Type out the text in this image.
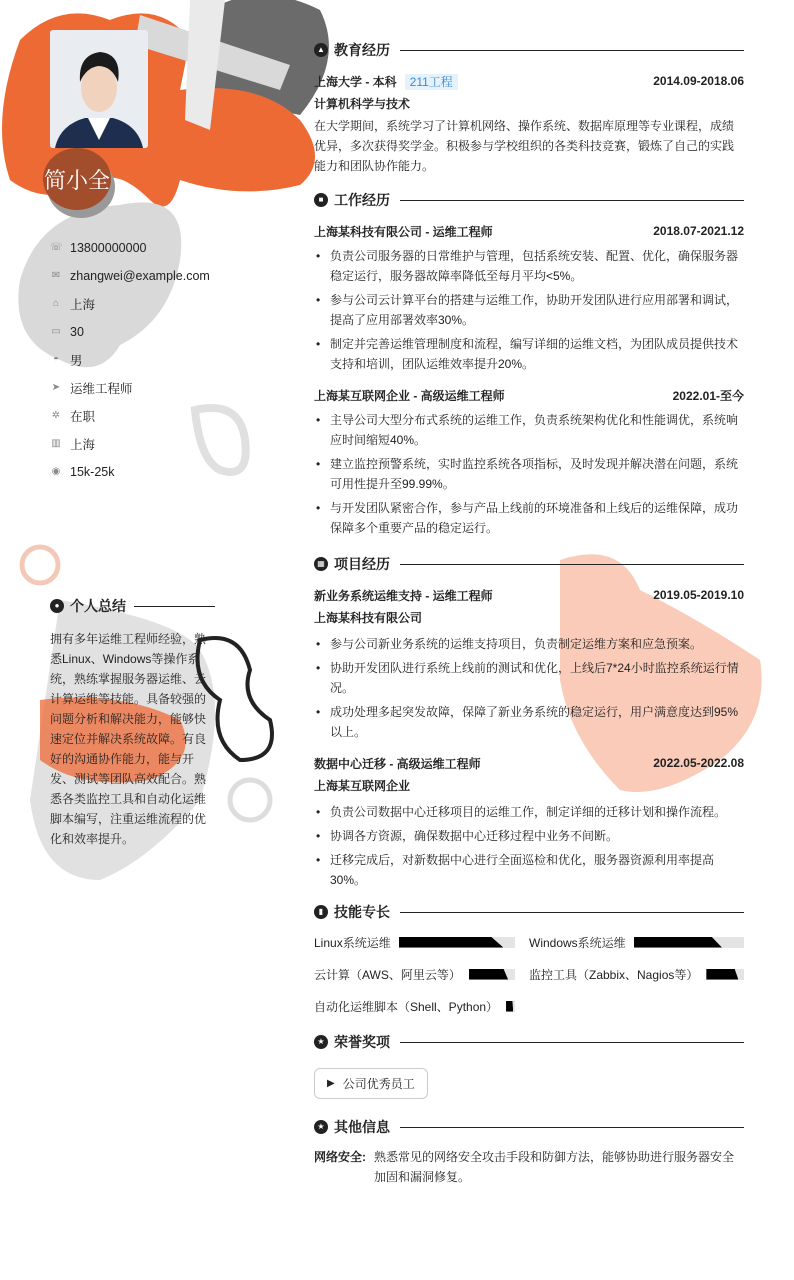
简小全
☏ 13800000000
✉ zhangwei@example.com
⌂ 上海
▭ 30
◓ 男
➤ 运维工程师
✲ 在职
▥ 上海
◉ 15k-25k
● 个人总结
拥有多年运维工程师经验，熟悉Linux、Windows等操作系统，熟练掌握服务器运维、云计算运维等技能。具备较强的问题分析和解决能力，能够快速定位并解决系统故障。有良好的沟通协作能力，能与开发、测试等团队高效配合。熟悉各类监控工具和自动化运维脚本编写，注重运维流程的优化和效率提升。
▲ 教育经历
上海大学 - 本科 211工程	2014.09-2018.06
计算机科学与技术
在大学期间，系统学习了计算机网络、操作系统、数据库原理等专业课程，成绩优异，多次获得奖学金。积极参与学校组织的各类科技竞赛，锻炼了自己的实践能力和团队协作能力。
■ 工作经历
上海某科技有限公司 - 运维工程师	2018.07-2021.12
• 负责公司服务器的日常维护与管理，包括系统安装、配置、优化，确保服务器稳定运行，服务器故障率降低至每月平均<5%。
• 参与公司云计算平台的搭建与运维工作，协助开发团队进行应用部署和调试，提高了应用部署效率30%。
• 制定并完善运维管理制度和流程，编写详细的运维文档，为团队成员提供技术支持和培训，团队运维效率提升20%。
上海某互联网企业 - 高级运维工程师	2022.01-至今
• 主导公司大型分布式系统的运维工作，负责系统架构优化和性能调优，系统响应时间缩短40%。
• 建立监控预警系统，实时监控系统各项指标，及时发现并解决潜在问题，系统可用性提升至99.99%。
• 与开发团队紧密合作，参与产品上线前的环境准备和上线后的运维保障，成功保障多个重要产品的稳定运行。
▦ 项目经历
新业务系统运维支持 - 运维工程师	2019.05-2019.10
上海某科技有限公司
• 参与公司新业务系统的运维支持项目，负责制定运维方案和应急预案。
• 协助开发团队进行系统上线前的测试和优化，上线后7*24小时监控系统运行情况。
• 成功处理多起突发故障，保障了新业务系统的稳定运行，用户满意度达到95%以上。
数据中心迁移 - 高级运维工程师	2022.05-2022.08
上海某互联网企业
• 负责公司数据中心迁移项目的运维工作，制定详细的迁移计划和操作流程。
• 协调各方资源，确保数据中心迁移过程中业务不间断。
• 迁移完成后，对新数据中心进行全面巡检和优化，服务器资源利用率提高30%。
▮ 技能专长
Linux系统运维	Windows系统运维
云计算（AWS、阿里云等）	监控工具（Zabbix、Nagios等）
自动化运维脚本（Shell、Python）
★ 荣誉奖项
▶ 公司优秀员工
★ 其他信息
网络安全: 熟悉常见的网络安全攻击手段和防御方法，能够协助进行服务器安全加固和漏洞修复。
